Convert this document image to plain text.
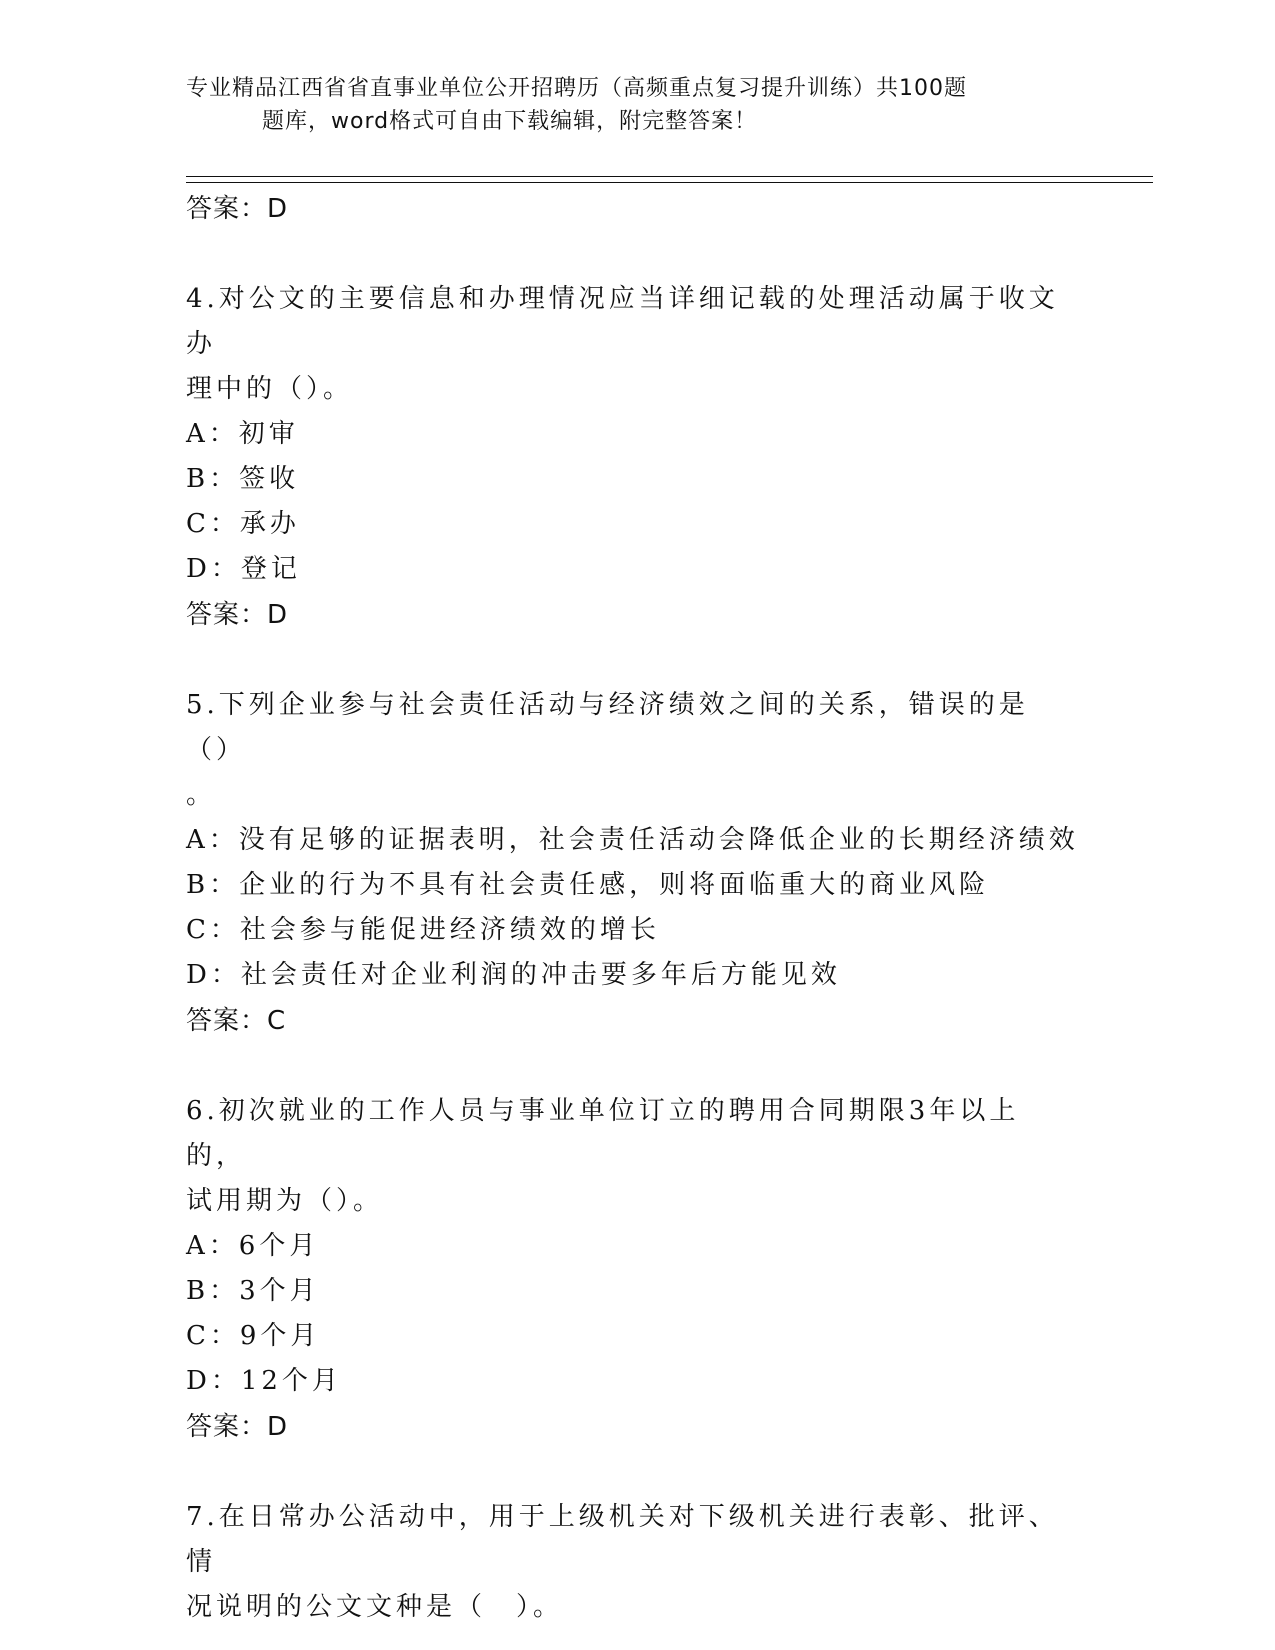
专业精品江西省省直事业单位公开招聘历（高频重点复习提升训练）共100题
题库，word格式可自由下载编辑，附完整答案！
答案：D
4.对公文的主要信息和办理情况应当详细记载的处理活动属于收文办
理中的（）。
A：初审
B：签收
C：承办
D：登记
答案：D
5.下列企业参与社会责任活动与经济绩效之间的关系，错误的是（）
。
A：没有足够的证据表明，社会责任活动会降低企业的长期经济绩效
B：企业的行为不具有社会责任感，则将面临重大的商业风险
C：社会参与能促进经济绩效的增长
D：社会责任对企业利润的冲击要多年后方能见效
答案：C
6.初次就业的工作人员与事业单位订立的聘用合同期限3年以上的，
试用期为（）。
A：6个月
B：3个月
C：9个月
D：12个月
答案：D
7.在日常办公活动中，用于上级机关对下级机关进行表彰、批评、情
况说明的公文文种是（　）。
